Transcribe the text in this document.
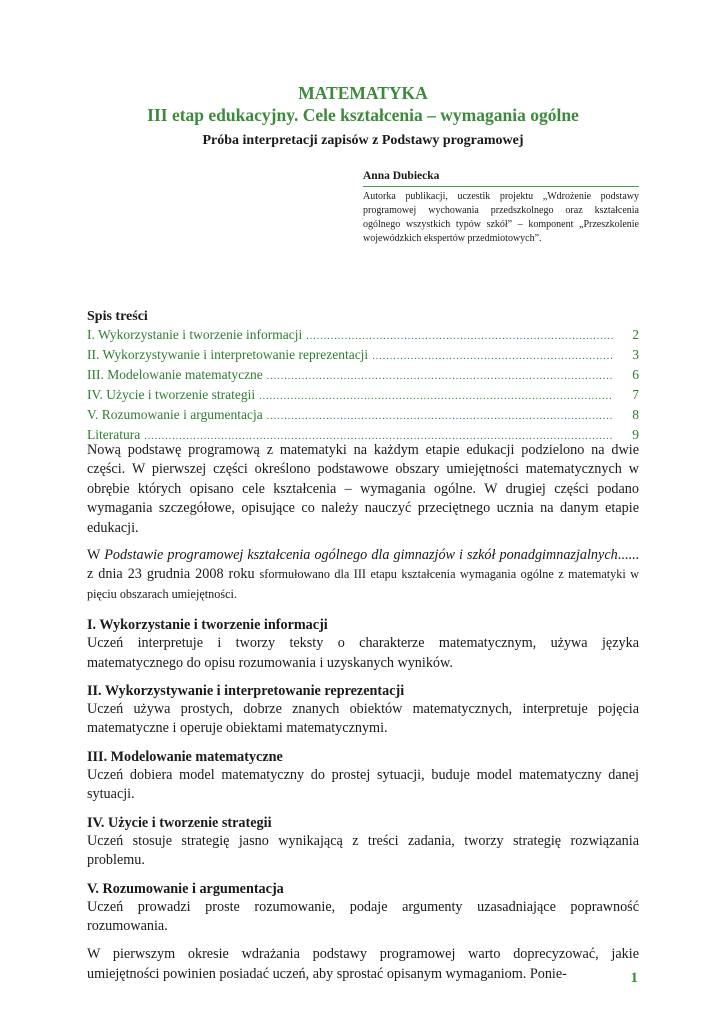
MATEMATYKA
III etap edukacyjny. Cele kształcenia – wymagania ogólne
Próba interpretacji zapisów z Podstawy programowej
Anna Dubiecka
Autorka publikacji, uczestik projektu „Wdrożenie podstawy programowej wychowania przedszkolnego oraz kształcenia ogólnego wszystkich typów szkół” – komponent „Przeszkolenie wojewódzkich ekspertów przedmiotowych”.
Spis treści
I. Wykorzystanie i tworzenie informacji .....	2
II. Wykorzystywanie i interpretowanie reprezentacji .....	3
III. Modelowanie matematyczne .....	6
IV. Użycie i tworzenie strategii .....	7
V. Rozumowanie i argumentacja .....	8
Literatura .....	9

Nową podstawę programową z matematyki na każdym etapie edukacji podzielono na dwie części. W pierwszej części określono podstawowe obszary umiejętności matematycznych w obrębie których opisano cele kształcenia – wymagania ogólne. W drugiej części podano wymagania szczegółowe, opisujące co należy nauczyć przeciętnego ucznia na danym etapie edukacji.

W Podstawie programowej kształcenia ogólnego dla gimnazjów i szkół ponadgimnazjalnych...... z dnia 23 grudnia 2008 roku sformułowano dla III etapu kształcenia wymagania ogólne z matematyki w pięciu obszarach umiejętności.

I. Wykorzystanie i tworzenie informacji

Uczeń interpretuje i tworzy teksty o charakterze matematycznym, używa języka matematycznego do opisu rozumowania i uzyskanych wyników.

II. Wykorzystywanie i interpretowanie reprezentacji

Uczeń używa prostych, dobrze znanych obiektów matematycznych, interpretuje pojęcia matematyczne i operuje obiektami matematycznymi.

III. Modelowanie matematyczne

Uczeń dobiera model matematyczny do prostej sytuacji, buduje model matematyczny danej sytuacji.

IV. Użycie i tworzenie strategii

Uczeń stosuje strategię jasno wynikającą z treści zadania, tworzy strategię rozwiązania problemu.

V. Rozumowanie i argumentacja

Uczeń prowadzi proste rozumowanie, podaje argumenty uzasadniające poprawność rozumowania.

W pierwszym okresie wdrażania podstawy programowej warto doprecyzować, jakie umiejętności powinien posiadać uczeń, aby sprostać opisanym wymaganiom. Ponie-	1
